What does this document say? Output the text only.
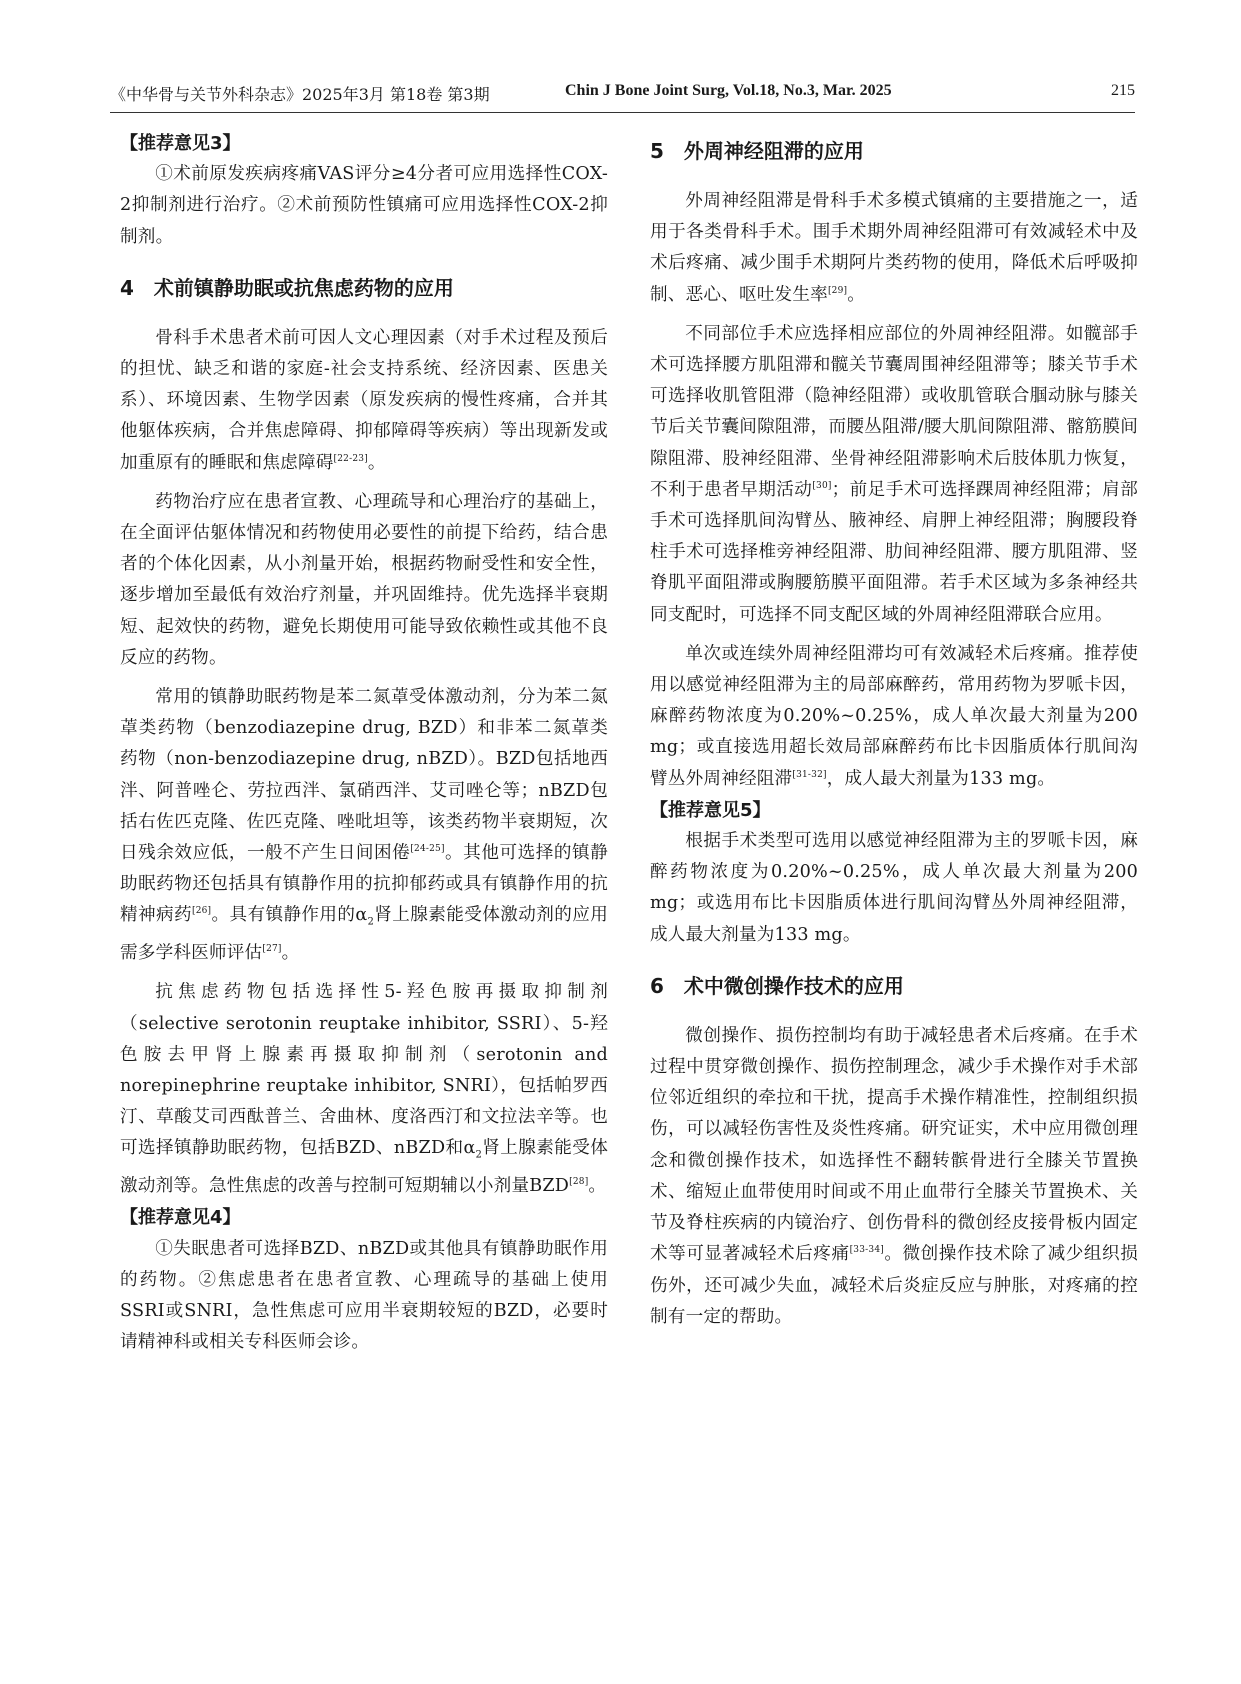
《中华骨与关节外科杂志》2025年3月 第18卷 第3期	Chin J Bone Joint Surg, Vol.18, No.3, Mar. 2025	215

【推荐意见3】

①术前原发疾病疼痛VAS评分≥4分者可应用选择性COX-2抑制剂进行治疗。②术前预防性镇痛可应用选择性COX-2抑制剂。

4　术前镇静助眠或抗焦虑药物的应用

骨科手术患者术前可因人文心理因素（对手术过程及预后的担忧、缺乏和谐的家庭-社会支持系统、经济因素、医患关系）、环境因素、生物学因素（原发疾病的慢性疼痛，合并其他躯体疾病，合并焦虑障碍、抑郁障碍等疾病）等出现新发或加重原有的睡眠和焦虑障碍[22-23]。

药物治疗应在患者宣教、心理疏导和心理治疗的基础上，在全面评估躯体情况和药物使用必要性的前提下给药，结合患者的个体化因素，从小剂量开始，根据药物耐受性和安全性，逐步增加至最低有效治疗剂量，并巩固维持。优先选择半衰期短、起效快的药物，避免长期使用可能导致依赖性或其他不良反应的药物。

常用的镇静助眠药物是苯二氮䓬受体激动剂，分为苯二氮䓬类药物（benzodiazepine drug, BZD）和非苯二氮䓬类药物（non-benzodiazepine drug, nBZD）。BZD包括地西泮、阿普唑仑、劳拉西泮、氯硝西泮、艾司唑仑等；nBZD包括右佐匹克隆、佐匹克隆、唑吡坦等，该类药物半衰期短，次日残余效应低，一般不产生日间困倦[24-25]。其他可选择的镇静助眠药物还包括具有镇静作用的抗抑郁药或具有镇静作用的抗精神病药[26]。具有镇静作用的$\alpha_2$肾上腺素能受体激动剂的应用需多学科医师评估[27]。

抗焦虑药物包括选择性5-羟色胺再摄取抑制剂（selective serotonin reuptake inhibitor, SSRI）、5-羟色胺去甲肾上腺素再摄取抑制剂（serotonin and norepinephrine reuptake inhibitor, SNRI），包括帕罗西汀、草酸艾司西酞普兰、舍曲林、度洛西汀和文拉法辛等。也可选择镇静助眠药物，包括BZD、nBZD和$\alpha_2$肾上腺素能受体激动剂等。急性焦虑的改善与控制可短期辅以小剂量BZD[28]。

【推荐意见4】

①失眠患者可选择BZD、nBZD或其他具有镇静助眠作用的药物。②焦虑患者在患者宣教、心理疏导的基础上使用SSRI或SNRI，急性焦虑可应用半衰期较短的BZD，必要时请精神科或相关专科医师会诊。

5　外周神经阻滞的应用

外周神经阻滞是骨科手术多模式镇痛的主要措施之一，适用于各类骨科手术。围手术期外周神经阻滞可有效减轻术中及术后疼痛、减少围手术期阿片类药物的使用，降低术后呼吸抑制、恶心、呕吐发生率[29]。

不同部位手术应选择相应部位的外周神经阻滞。如髋部手术可选择腰方肌阻滞和髋关节囊周围神经阻滞等；膝关节手术可选择收肌管阻滞（隐神经阻滞）或收肌管联合腘动脉与膝关节后关节囊间隙阻滞，而腰丛阻滞/腰大肌间隙阻滞、髂筋膜间隙阻滞、股神经阻滞、坐骨神经阻滞影响术后肢体肌力恢复，不利于患者早期活动[30]；前足手术可选择踝周神经阻滞；肩部手术可选择肌间沟臂丛、腋神经、肩胛上神经阻滞；胸腰段脊柱手术可选择椎旁神经阻滞、肋间神经阻滞、腰方肌阻滞、竖脊肌平面阻滞或胸腰筋膜平面阻滞。若手术区域为多条神经共同支配时，可选择不同支配区域的外周神经阻滞联合应用。

单次或连续外周神经阻滞均可有效减轻术后疼痛。推荐使用以感觉神经阻滞为主的局部麻醉药，常用药物为罗哌卡因，麻醉药物浓度为0.20%~0.25%，成人单次最大剂量为200 mg；或直接选用超长效局部麻醉药布比卡因脂质体行肌间沟臂丛外周神经阻滞[31-32]，成人最大剂量为133 mg。

【推荐意见5】

根据手术类型可选用以感觉神经阻滞为主的罗哌卡因，麻醉药物浓度为0.20%~0.25%，成人单次最大剂量为200 mg；或选用布比卡因脂质体进行肌间沟臂丛外周神经阻滞，成人最大剂量为133 mg。

6　术中微创操作技术的应用

微创操作、损伤控制均有助于减轻患者术后疼痛。在手术过程中贯穿微创操作、损伤控制理念，减少手术操作对手术部位邻近组织的牵拉和干扰，提高手术操作精准性，控制组织损伤，可以减轻伤害性及炎性疼痛。研究证实，术中应用微创理念和微创操作技术，如选择性不翻转髌骨进行全膝关节置换术、缩短止血带使用时间或不用止血带行全膝关节置换术、关节及脊柱疾病的内镜治疗、创伤骨科的微创经皮接骨板内固定术等可显著减轻术后疼痛[33-34]。微创操作技术除了减少组织损伤外，还可减少失血，减轻术后炎症反应与肿胀，对疼痛的控制有一定的帮助。
